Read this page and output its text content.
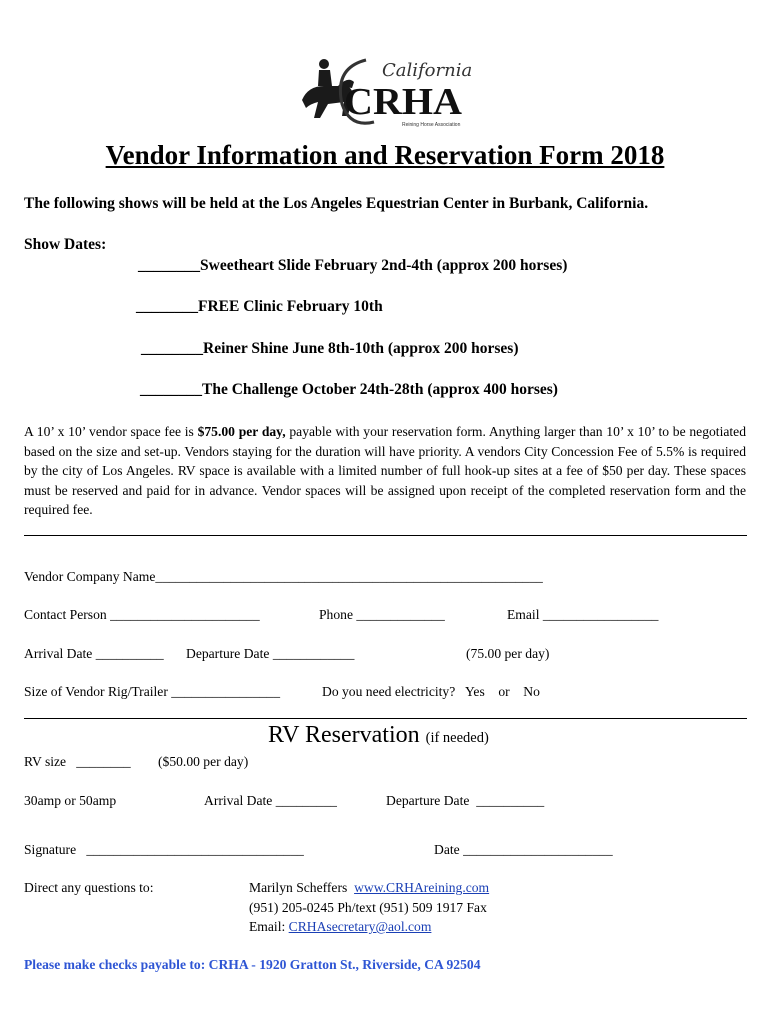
California
CRHA
Reining Horse Association
Vendor Information and Reservation Form 2018
The following shows will be held at the Los Angeles Equestrian Center in Burbank, California.
Show Dates:
________Sweetheart Slide February 2nd-4th (approx 200 horses)
________FREE Clinic February 10th
________Reiner Shine June 8th-10th (approx 200 horses)
________The Challenge October 24th-28th (approx 400 horses)
A 10’ x 10’ vendor space fee is $75.00 per day, payable with your reservation form. Anything larger than 10’ x 10’ to be negotiated based on the size and set-up. Vendors staying for the duration will have priority. A vendors City Concession Fee of 5.5% is required by the city of Los Angeles. RV space is available with a limited number of full hook-up sites at a fee of $50 per day. These spaces must be reserved and paid for in advance. Vendor spaces will be assigned upon receipt of the completed reservation form and the required fee.
Vendor Company Name_________________________________________________________
Contact Person ______________________	Phone _____________	Email _________________
Arrival Date __________ Departure Date ____________	(75.00 per day)
Size of Vendor Rig/Trailer ________________	Do you need electricity? Yes or No
RV Reservation (if needed)
RV size ________ ($50.00 per day)
30amp or 50amp	Arrival Date _________	Departure Date __________
Signature ________________________________	Date ______________________
Direct any questions to:	Marilyn Scheffers www.CRHAreining.com
(951) 205-0245 Ph/text (951) 509 1917 Fax
Email: CRHAsecretary@aol.com
Please make checks payable to: CRHA - 1920 Gratton St., Riverside, CA 92504
